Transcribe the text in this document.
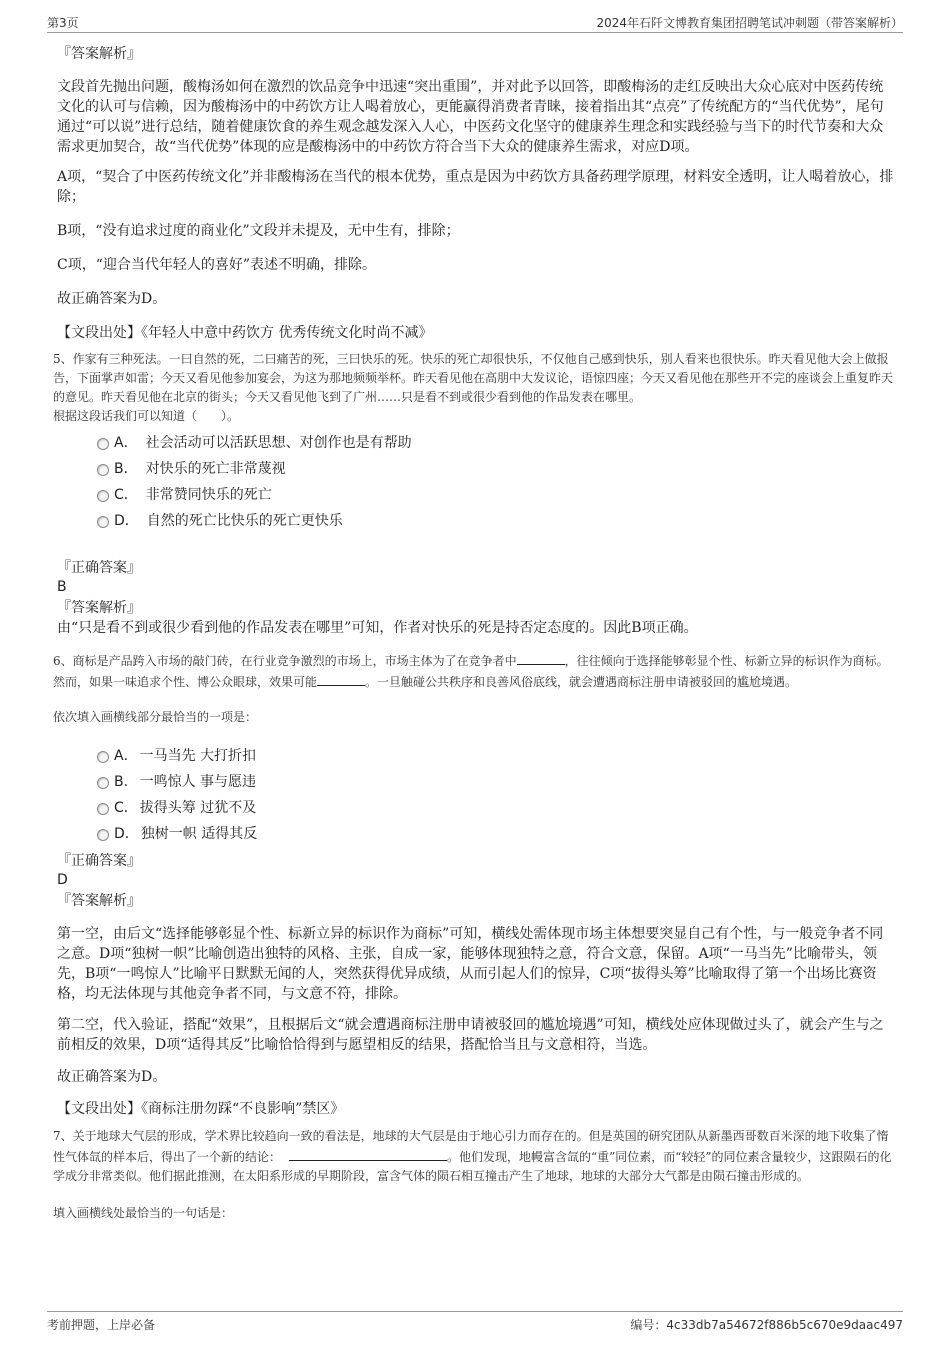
第3页	2024年石阡文博教育集团招聘笔试冲刺题（带答案解析）

『答案解析』

文段首先抛出问题，酸梅汤如何在激烈的饮品竞争中迅速“突出重围”，并对此予以回答，即酸梅汤的走红反映出大众心底对中医药传统文化的认可与信赖，因为酸梅汤中的中药饮方让人喝着放心，更能赢得消费者青睐，接着指出其“点亮”了传统配方的“当代优势”，尾句通过“可以说”进行总结，随着健康饮食的养生观念越发深入人心，中医药文化坚守的健康养生理念和实践经验与当下的时代节奏和大众需求更加契合，故“当代优势”体现的应是酸梅汤中的中药饮方符合当下大众的健康养生需求，对应D项。

A项，“契合了中医药传统文化”并非酸梅汤在当代的根本优势，重点是因为中药饮方具备药理学原理，材料安全透明，让人喝着放心，排除；

B项，“没有追求过度的商业化”文段并未提及，无中生有，排除；

C项，“迎合当代年轻人的喜好”表述不明确，排除。

故正确答案为D。

【文段出处】《年轻人中意中药饮方 优秀传统文化时尚不减》

5、作家有三种死法。一曰自然的死，二曰痛苦的死，三曰快乐的死。快乐的死亡却很快乐，不仅他自己感到快乐，别人看来也很快乐。昨天看见他大会上做报告，下面掌声如雷；今天又看见他参加宴会，为这为那地频频举杯。昨天看见他在高朋中大发议论，语惊四座；今天又看见他在那些开不完的座谈会上重复昨天的意见。昨天看见他在北京的街头；今天又看见他飞到了广州……只是看不到或很少看到他的作品发表在哪里。

根据这段话我们可以知道（　　）。

A． 社会活动可以活跃思想、对创作也是有帮助
B． 对快乐的死亡非常蔑视
C． 非常赞同快乐的死亡
D． 自然的死亡比快乐的死亡更快乐

『正确答案』

B

『答案解析』

由“只是看不到或很少看到他的作品发表在哪里”可知，作者对快乐的死是持否定态度的。因此B项正确。

6、商标是产品跨入市场的敲门砖，在行业竞争激烈的市场上，市场主体为了在竞争者中	，往往倾向于选择能够彰显个性、标新立异的标识作为商标。然而，如果一味追求个性、博公众眼球，效果可能	。一旦触碰公共秩序和良善风俗底线，就会遭遇商标注册申请被驳回的尴尬境遇。

依次填入画横线部分最恰当的一项是：

A． 一马当先 大打折扣
B． 一鸣惊人 事与愿违
C． 拔得头筹 过犹不及
D． 独树一帜 适得其反

『正确答案』

D

『答案解析』

第一空，由后文“选择能够彰显个性、标新立异的标识作为商标”可知，横线处需体现市场主体想要突显自己有个性，与一般竞争者不同之意。D项“独树一帜”比喻创造出独特的风格、主张，自成一家，能够体现独特之意，符合文意，保留。A项“一马当先”比喻带头，领先，B项“一鸣惊人”比喻平日默默无闻的人，突然获得优异成绩，从而引起人们的惊异，C项“拔得头筹”比喻取得了第一个出场比赛资格，均无法体现与其他竞争者不同，与文意不符，排除。

第二空，代入验证，搭配“效果”，且根据后文“就会遭遇商标注册申请被驳回的尴尬境遇”可知，横线处应体现做过头了，就会产生与之前相反的效果，D项“适得其反”比喻恰恰得到与愿望相反的结果，搭配恰当且与文意相符，当选。

故正确答案为D。

【文段出处】《商标注册勿踩“不良影响”禁区》

7、关于地球大气层的形成，学术界比较趋向一致的看法是，地球的大气层是由于地心引力而存在的。但是英国的研究团队从新墨西哥数百米深的地下收集了惰性气体氙的样本后，得出了一个新的结论：	。他们发现，地幔富含氙的“重”同位素，而“较轻”的同位素含量较少，这跟陨石的化学成分非常类似。他们据此推测，在太阳系形成的早期阶段，富含气体的陨石相互撞击产生了地球，地球的大部分大气都是由陨石撞击形成的。

填入画横线处最恰当的一句话是：

考前押题，上岸必备	编号：4c33db7a54672f886b5c670e9daac497
